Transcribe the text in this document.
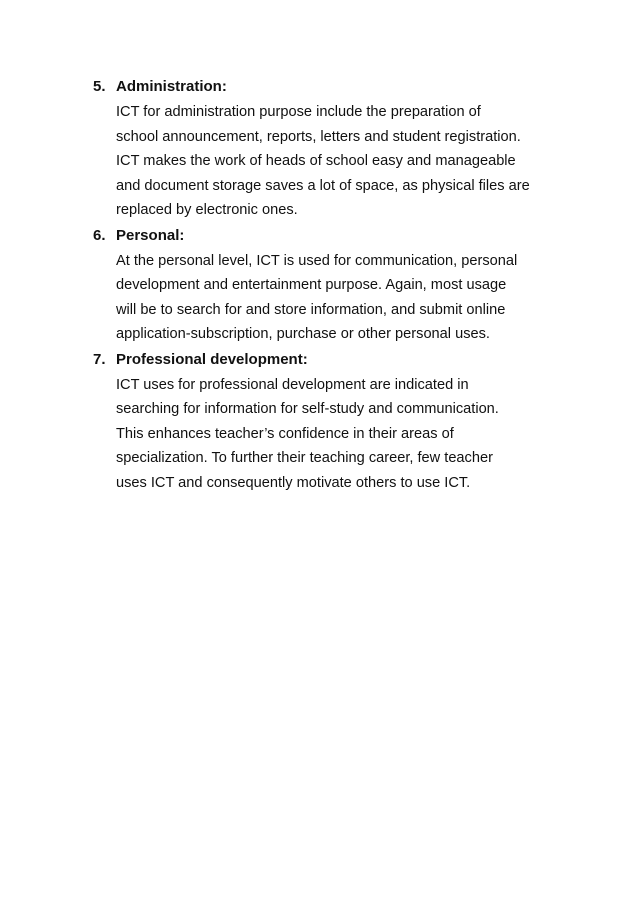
5. Administration:
ICT for administration purpose include the preparation of
school announcement, reports, letters and student registration.
ICT makes the work of heads of school easy and manageable
and document storage saves a lot of space, as physical files are
replaced by electronic ones.
6. Personal:
At the personal level, ICT is used for communication, personal
development and entertainment purpose. Again, most usage
will be to search for and store information, and submit online
application-subscription, purchase or other personal uses.
7. Professional development:
ICT uses for professional development are indicated in
searching for information for self-study and communication.
This enhances teacher’s confidence in their areas of
specialization. To further their teaching career, few teacher
uses ICT and consequently motivate others to use ICT.
